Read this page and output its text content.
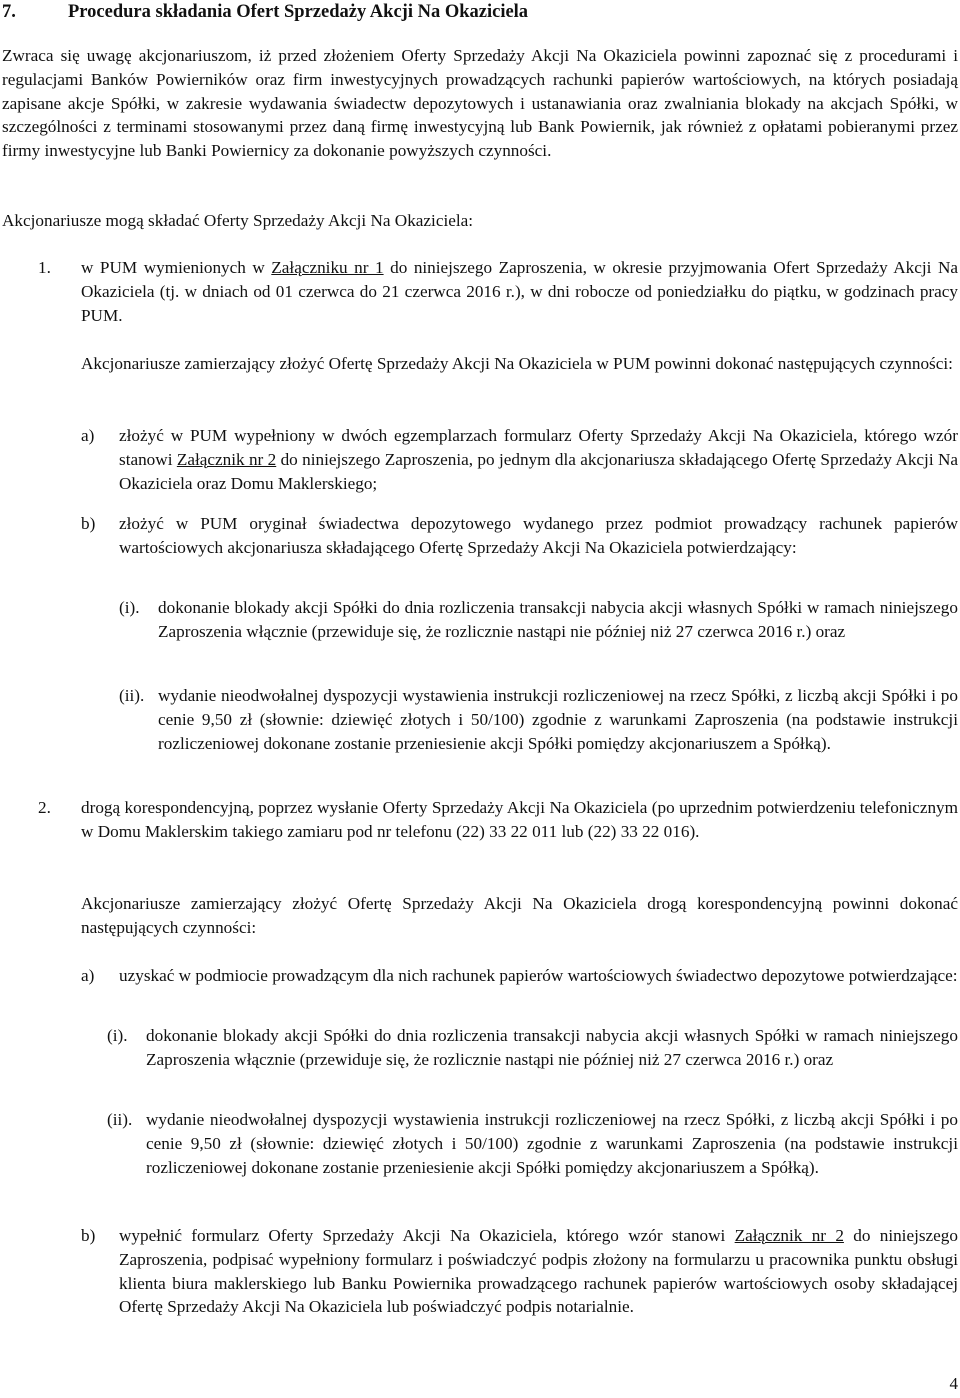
7.	Procedura składania Ofert Sprzedaży Akcji Na Okaziciela

Zwraca się uwagę akcjonariuszom, iż przed złożeniem Oferty Sprzedaży Akcji Na Okaziciela powinni zapoznać się z procedurami i regulacjami Banków Powierników oraz firm inwestycyjnych prowadzących rachunki papierów wartościowych, na których posiadają zapisane akcje Spółki, w zakresie wydawania świadectw depozytowych i ustanawiania oraz zwalniania blokady na akcjach Spółki, w szczególności z terminami stosowanymi przez daną firmę inwestycyjną lub Bank Powiernik, jak również z opłatami pobieranymi przez firmy inwestycyjne lub Banki Powiernicy za dokonanie powyższych czynności.

Akcjonariusze mogą składać Oferty Sprzedaży Akcji Na Okaziciela:

1. w PUM wymienionych w Załączniku nr 1 do niniejszego Zaproszenia, w okresie przyjmowania Ofert Sprzedaży Akcji Na Okaziciela (tj. w dniach od 01 czerwca do 21 czerwca 2016 r.), w dni robocze od poniedziałku do piątku, w godzinach pracy PUM.

Akcjonariusze zamierzający złożyć Ofertę Sprzedaży Akcji Na Okaziciela w PUM powinni dokonać następujących czynności:

a) złożyć w PUM wypełniony w dwóch egzemplarzach formularz Oferty Sprzedaży Akcji Na Okaziciela, którego wzór stanowi Załącznik nr 2 do niniejszego Zaproszenia, po jednym dla akcjonariusza składającego Ofertę Sprzedaży Akcji Na Okaziciela oraz Domu Maklerskiego;

b) złożyć w PUM oryginał świadectwa depozytowego wydanego przez podmiot prowadzący rachunek papierów wartościowych akcjonariusza składającego Ofertę Sprzedaży Akcji Na Okaziciela potwierdzający:

(i). dokonanie blokady akcji Spółki do dnia rozliczenia transakcji nabycia akcji własnych Spółki w ramach niniejszego Zaproszenia włącznie (przewiduje się, że rozlicznie nastąpi nie później niż 27 czerwca 2016 r.) oraz

(ii). wydanie nieodwołalnej dyspozycji wystawienia instrukcji rozliczeniowej na rzecz Spółki, z liczbą akcji Spółki i po cenie 9,50 zł (słownie: dziewięć złotych i 50/100) zgodnie z warunkami Zaproszenia (na podstawie instrukcji rozliczeniowej dokonane zostanie przeniesienie akcji Spółki pomiędzy akcjonariuszem a Spółką).

2. drogą korespondencyjną, poprzez wysłanie Oferty Sprzedaży Akcji Na Okaziciela (po uprzednim potwierdzeniu telefonicznym w Domu Maklerskim takiego zamiaru pod nr telefonu (22) 33 22 011 lub (22) 33 22 016).

Akcjonariusze zamierzający złożyć Ofertę Sprzedaży Akcji Na Okaziciela drogą korespondencyjną powinni dokonać następujących czynności:

a) uzyskać w podmiocie prowadzącym dla nich rachunek papierów wartościowych świadectwo depozytowe potwierdzające:

(i). dokonanie blokady akcji Spółki do dnia rozliczenia transakcji nabycia akcji własnych Spółki w ramach niniejszego Zaproszenia włącznie (przewiduje się, że rozlicznie nastąpi nie później niż 27 czerwca 2016 r.) oraz

(ii). wydanie nieodwołalnej dyspozycji wystawienia instrukcji rozliczeniowej na rzecz Spółki, z liczbą akcji Spółki i po cenie 9,50 zł (słownie: dziewięć złotych i 50/100) zgodnie z warunkami Zaproszenia (na podstawie instrukcji rozliczeniowej dokonane zostanie przeniesienie akcji Spółki pomiędzy akcjonariuszem a Spółką).

b) wypełnić formularz Oferty Sprzedaży Akcji Na Okaziciela, którego wzór stanowi Załącznik nr 2 do niniejszego Zaproszenia, podpisać wypełniony formularz i poświadczyć podpis złożony na formularzu u pracownika punktu obsługi klienta biura maklerskiego lub Banku Powiernika prowadzącego rachunek papierów wartościowych osoby składającej Ofertę Sprzedaży Akcji Na Okaziciela lub poświadczyć podpis notarialnie.

4
